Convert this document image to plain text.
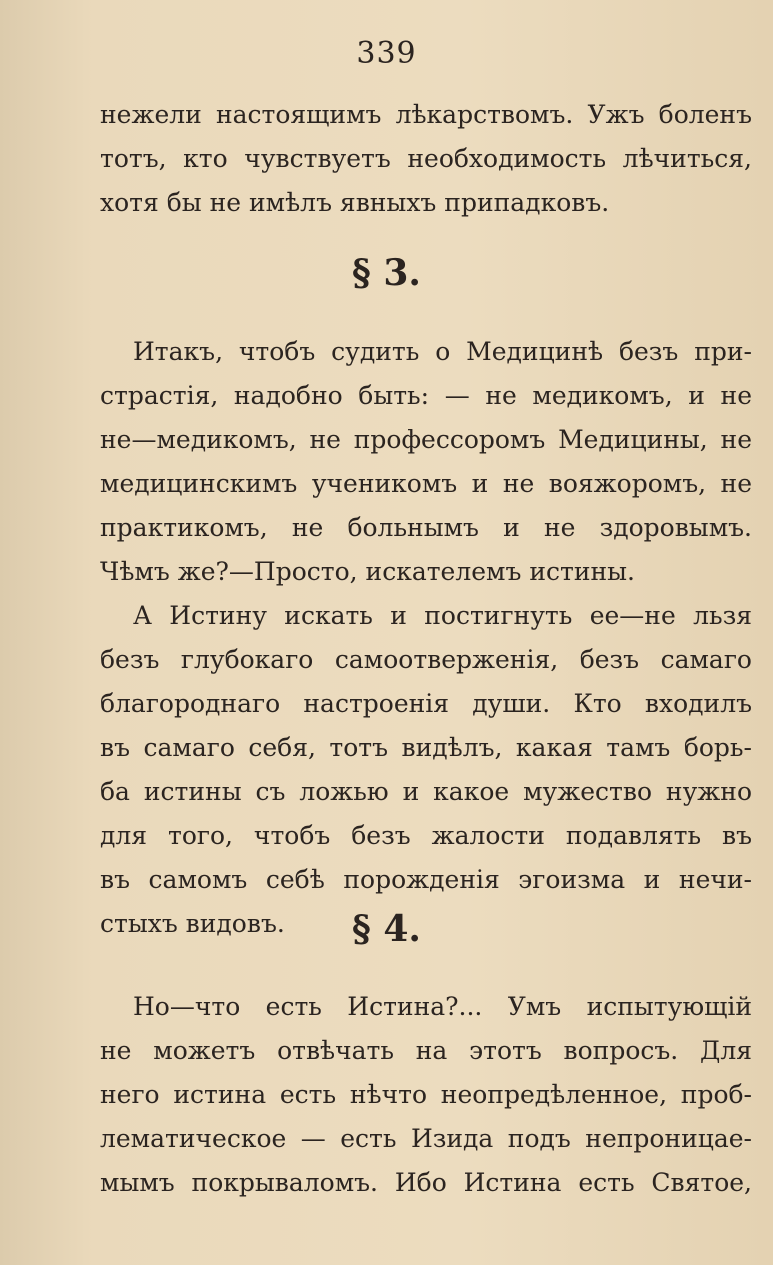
339
нежели настоящимъ лѣкарствомъ. Ужъ боленъ
тотъ, кто чувствуетъ необходимость лѣчиться,
хотя бы не имѣлъ явныхъ припадковъ.
§ 3.
Итакъ, чтобъ судить о Медицинѣ безъ при-
страстія, надобно быть: — не медикомъ, и не
не—медикомъ, не профессоромъ Медицины, не
медицинскимъ ученикомъ и не вояжоромъ, не
практикомъ, не больнымъ и не здоровымъ.
Чѣмъ же?—Просто, искателемъ истины.
А Истину искать и постигнуть ее—не льзя
безъ глубокаго самоотверженія, безъ самаго
благороднаго настроенія души. Кто входилъ
въ самаго себя, тотъ видѣлъ, какая тамъ борь-
ба истины съ ложью и какое мужество нужно
для того, чтобъ безъ жалости подавлять въ
въ самомъ себѣ порожденія эгоизма и нечи-
стыхъ видовъ.	§ 4.
Но—что есть Истина?... Умъ испытующій
не можетъ отвѣчать на этотъ вопросъ. Для
него истина есть нѣчто неопредѣленное, проб-
лематическое — есть Изида подъ непроницае-
мымъ покрываломъ. Ибо Истина есть Святое,
